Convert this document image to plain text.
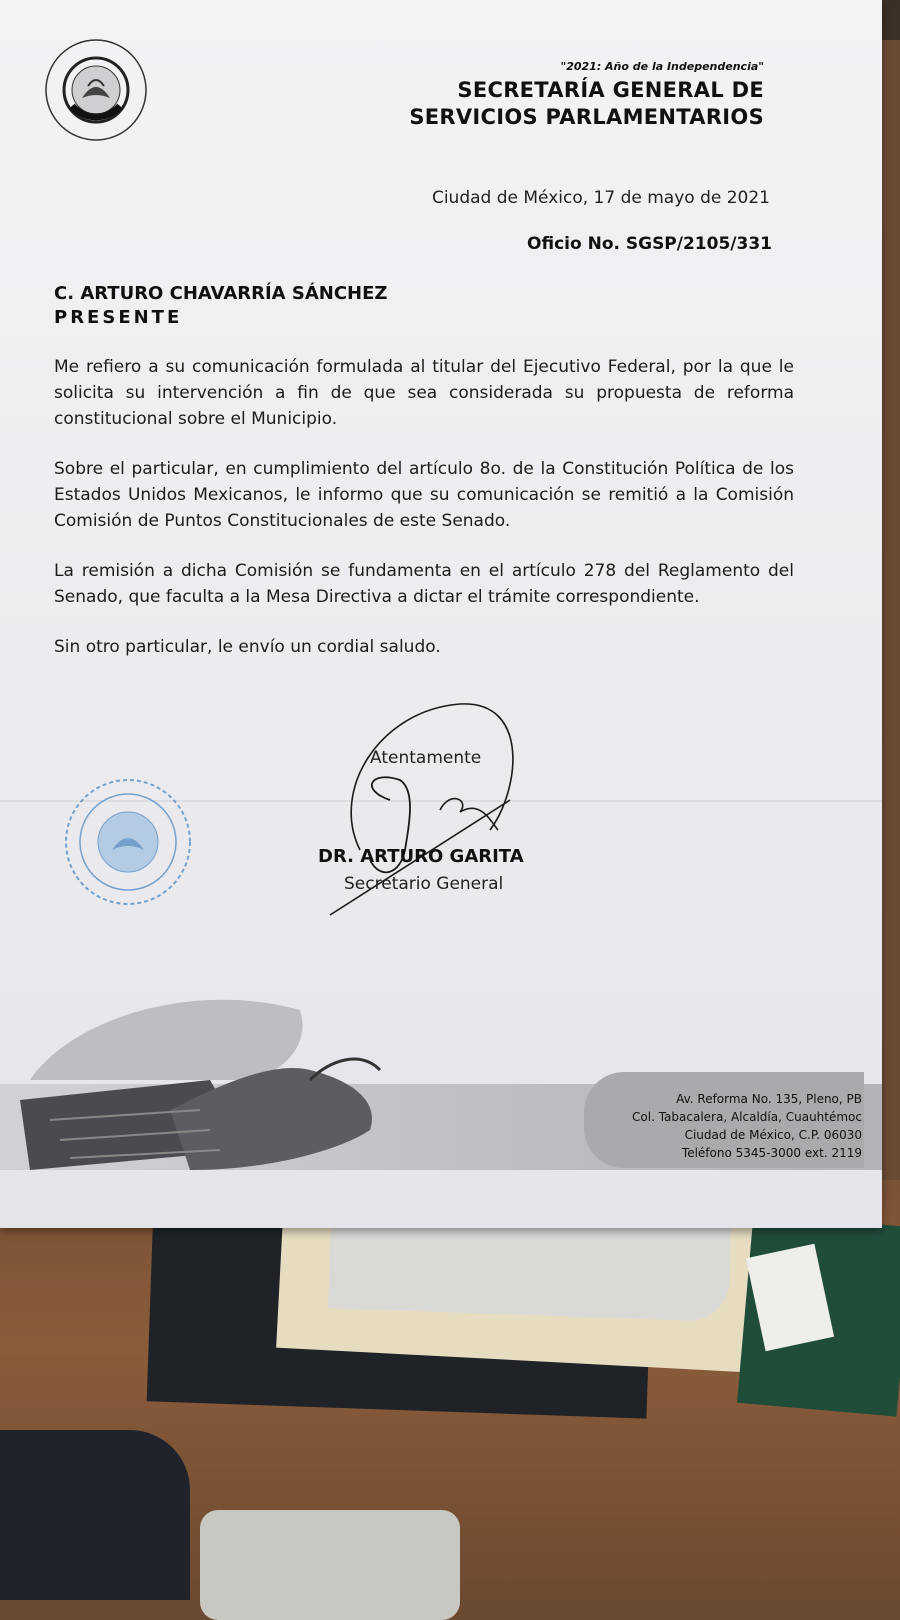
"2021: Año de la Independencia"
SECRETARÍA GENERAL DE
SERVICIOS PARLAMENTARIOS
Ciudad de México, 17 de mayo de 2021
Oficio No. SGSP/2105/331
C. ARTURO CHAVARRÍA SÁNCHEZ
PRESENTE

Me refiero a su comunicación formulada al titular del Ejecutivo Federal, por la que le solicita su intervención a fin de que sea considerada su propuesta de reforma constitucional sobre el Municipio.

Sobre el particular, en cumplimiento del artículo 8o. de la Constitución Política de los Estados Unidos Mexicanos, le informo que su comunicación se remitió a la Comisión Comisión de Puntos Constitucionales de este Senado.

La remisión a dicha Comisión se fundamenta en el artículo 278 del Reglamento del Senado, que faculta a la Mesa Directiva a dictar el trámite correspondiente.

Sin otro particular, le envío un cordial saludo.

Atentamente
DR. ARTURO GARITA
Secretario General
Av. Reforma No. 135, Pleno, PB
Col. Tabacalera, Alcaldía, Cuauhtémoc
Ciudad de México, C.P. 06030
Teléfono 5345-3000 ext. 2119
